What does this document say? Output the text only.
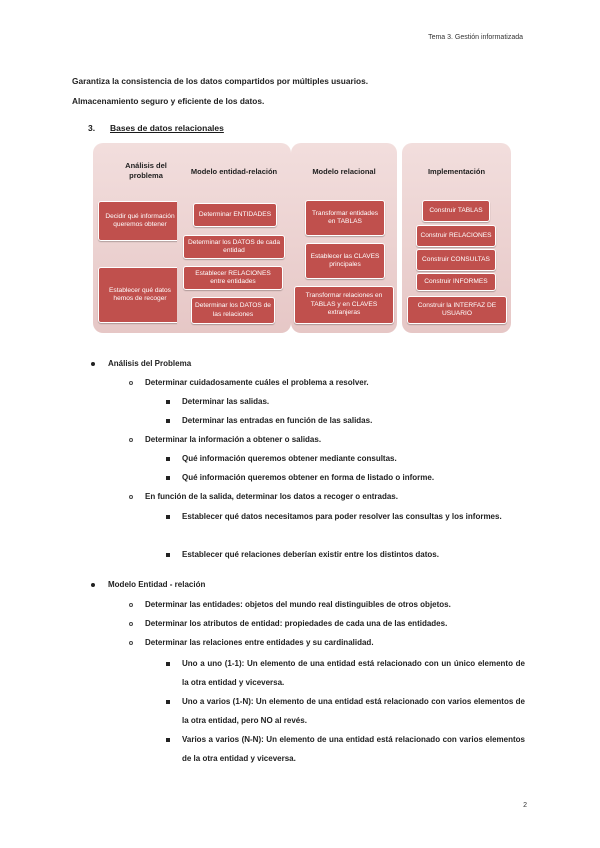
Tema 3. Gestión informatizada
Garantiza la consistencia de los datos compartidos por múltiples usuarios.
Almacenamiento seguro y eficiente de los datos.
3. Bases de datos relacionales
Análisis del problema
Decidir qué información queremos obtener
Establecer qué datos hemos de recoger
Modelo entidad-relación
Determinar ENTIDADES
Determinar los DATOS de cada entidad
Establecer RELACIONES entre entidades
Determinar los DATOS de las relaciones
Modelo relacional
Transformar entidades en TABLAS
Establecer las CLAVES principales
Transformar relaciones en TABLAS y en CLAVES extranjeras
Implementación
Construir TABLAS
Construir RELACIONES
Construir CONSULTAS
Construir INFORMES
Construir la INTERFAZ DE USUARIO
Análisis del Problema
Determinar cuidadosamente cuáles el problema a resolver.
Determinar las salidas.
Determinar las entradas en función de las salidas.
Determinar la información a obtener o salidas.
Qué información queremos obtener mediante consultas.
Qué información queremos obtener en forma de listado o informe.
En función de la salida, determinar los datos a recoger o entradas.
Establecer qué datos necesitamos para poder resolver las consultas y los informes.
Establecer qué relaciones deberían existir entre los distintos datos.
Modelo Entidad - relación
Determinar las entidades: objetos del mundo real distinguibles de otros objetos.
Determinar los atributos de entidad: propiedades de cada una de las entidades.
Determinar las relaciones entre entidades y su cardinalidad.
Uno a uno (1-1): Un elemento de una entidad está relacionado con un único elemento de la otra entidad y viceversa.
Uno a varios (1-N): Un elemento de una entidad está relacionado con varios elementos de la otra entidad, pero NO al revés.
Varios a varios (N-N): Un elemento de una entidad está relacionado con varios elementos de la otra entidad y viceversa.
2
